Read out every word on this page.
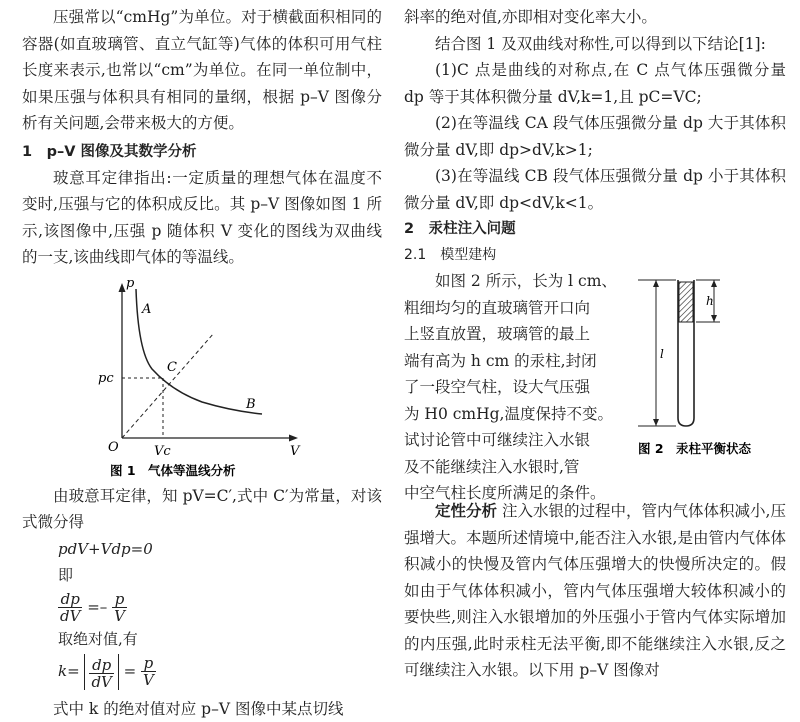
压强常以“cmHg”为单位。对于横截面积相同的容器(如直玻璃管、直立气缸等)气体的体积可用气柱长度来表示,也常以“cm”为单位。在同一单位制中，如果压强与体积具有相同的量纲，根据 p–V 图像分析有关问题,会带来极大的方便。

1　p–V 图像及其数学分析

玻意耳定律指出:一定质量的理想气体在温度不变时,压强与它的体积成反比。其 p–V 图像如图 1 所示,该图像中,压强 p 随体积 V 变化的图线为双曲线的一支,该曲线即气体的等温线。

p
A
C
B
pc
O	Vc	V
图 1　气体等温线分析

由玻意耳定律，知 pV=C′,式中 C′为常量，对该式微分得

pdV+Vdp=0

即

$\frac{dp}{dV} =- \frac{p}{V}$

取绝对值,有

$k= \frac{dp}{dV} = \frac{p}{V}$

式中 k 的绝对值对应 p–V 图像中某点切线

斜率的绝对值,亦即相对变化率大小。

结合图 1 及双曲线对称性,可以得到以下结论[1]:

(1)C 点是曲线的对称点,在 C 点气体压强微分量 dp 等于其体积微分量 dV,k=1,且 pC=VC;

(2)在等温线 CA 段气体压强微分量 dp 大于其体积微分量 dV,即 dp>dV,k>1;

(3)在等温线 CB 段气体压强微分量 dp 小于其体积微分量 dV,即 dp<dV,k<1。

2　汞柱注入问题

2.1　模型建构

如图 2 所示，长为 l cm、

粗细均匀的直玻璃管开口向

上竖直放置，玻璃管的最上

端有高为 h cm 的汞柱,封闭

了一段空气柱，设大气压强

为 H0 cmHg,温度保持不变。

试讨论管中可继续注入水银

及不能继续注入水银时,管

中空气柱长度所满足的条件。

h
l
图 2　汞柱平衡状态

定性分析 注入水银的过程中，管内气体体积减小,压强增大。本题所述情境中,能否注入水银,是由管内气体体积减小的快慢及管内气体压强增大的快慢所决定的。假如由于气体体积减小，管内气体压强增大较体积减小的要快些,则注入水银增加的外压强小于管内气体实际增加的内压强,此时汞柱无法平衡,即不能继续注入水银,反之可继续注入水银。以下用 p–V 图像对
